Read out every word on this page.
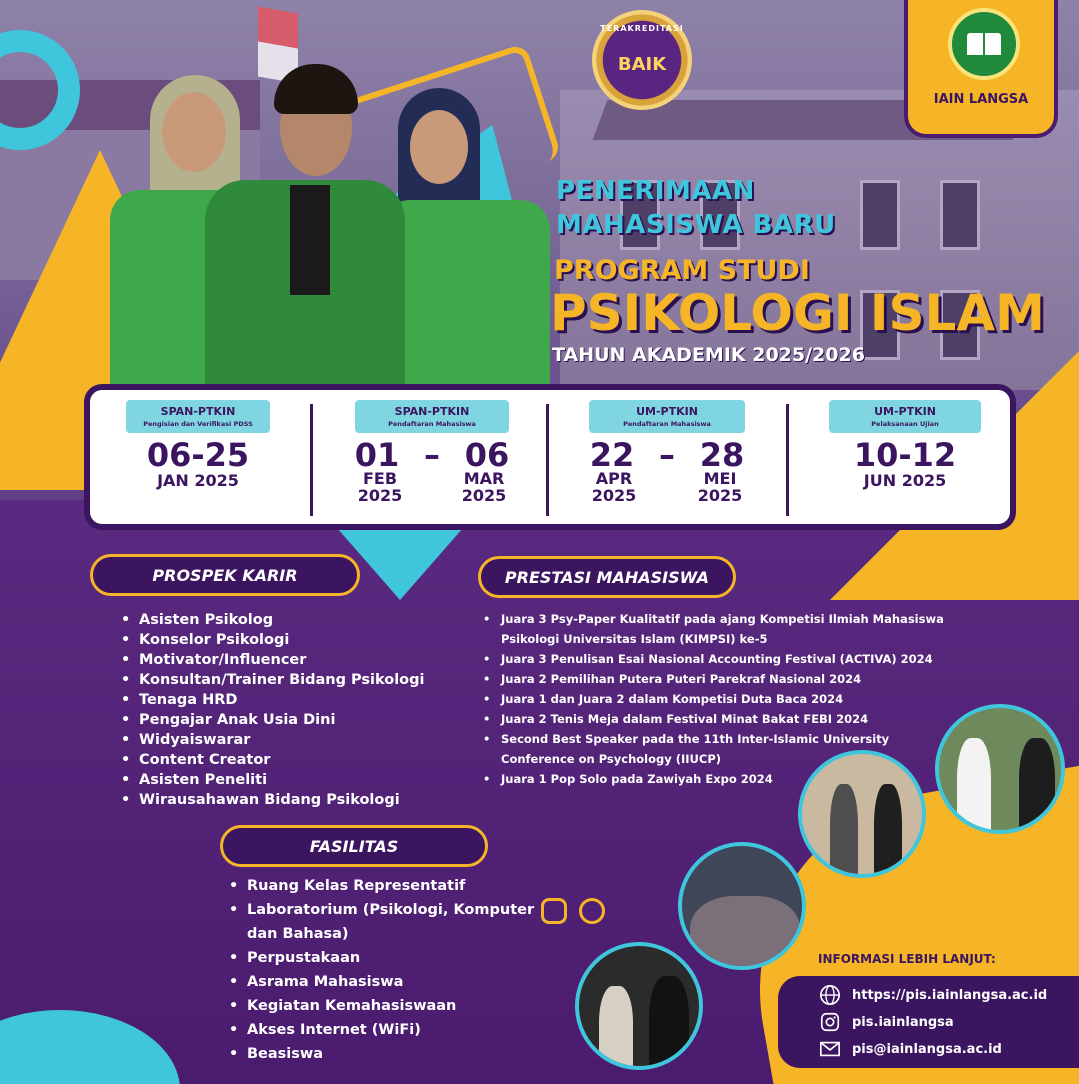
TERAKREDITASI
BAIK
IAIN LANGSA
PENERIMAAN
MAHASISWA BARU
PROGRAM STUDI
PSIKOLOGI ISLAM
TAHUN AKADEMIK 2025/2026
SPAN-PTKIN
Pengisian dan Verifikasi PDSS
06-25
JAN 2025
SPAN-PTKIN
Pendaftaran Mahasiswa
01 – 06
FEB
2025
MAR
2025
UM-PTKIN
Pendaftaran Mahasiswa
22 – 28
APR
2025
MEI
2025
UM-PTKIN
Pelaksanaan Ujian
10-12
JUN 2025
PROSPEK KARIR
• Asisten Psikolog
• Konselor Psikologi
• Motivator/Influencer
• Konsultan/Trainer Bidang Psikologi
• Tenaga HRD
• Pengajar Anak Usia Dini
• Widyaiswarar
• Content Creator
• Asisten Peneliti
• Wirausahawan Bidang Psikologi
PRESTASI MAHASISWA
• Juara 3 Psy-Paper Kualitatif pada ajang Kompetisi Ilmiah Mahasiswa Psikologi Universitas Islam (KIMPSI) ke-5
• Juara 3 Penulisan Esai Nasional Accounting Festival (ACTIVA) 2024
• Juara 2 Pemilihan Putera Puteri Parekraf Nasional 2024
• Juara 1 dan Juara 2 dalam Kompetisi Duta Baca 2024
• Juara 2 Tenis Meja dalam Festival Minat Bakat FEBI 2024
• Second Best Speaker pada the 11th Inter-Islamic University Conference on Psychology (IIUCP)
• Juara 1 Pop Solo pada Zawiyah Expo 2024
FASILITAS
• Ruang Kelas Representatif
• Laboratorium (Psikologi, Komputer dan Bahasa)
• Perpustakaan
• Asrama Mahasiswa
• Kegiatan Kemahasiswaan
• Akses Internet (WiFi)
• Beasiswa
INFORMASI LEBIH LANJUT:
https://pis.iainlangsa.ac.id
pis.iainlangsa
pis@iainlangsa.ac.id
